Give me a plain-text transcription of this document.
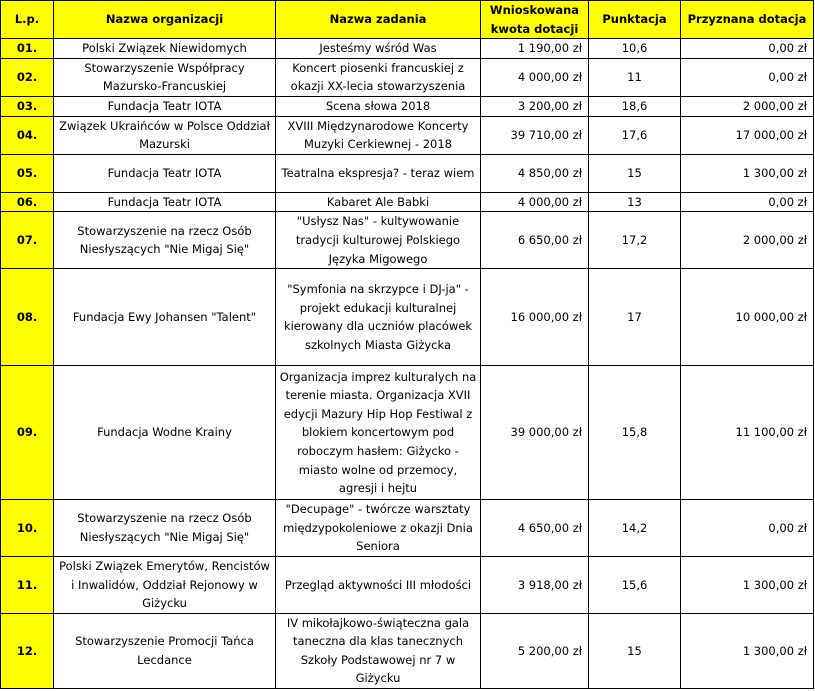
L.p.	Nazwa organizacji	Nazwa zadania	Wnioskowana kwota dotacji	Punktacja	Przyznana dotacja
01.	Polski Związek Niewidomych	Jesteśmy wśród Was	1 190,00 zł	10,6	0,00 zł
02.	Stowarzyszenie Współpracy Mazursko-Francuskiej	Koncert piosenki francuskiej z okazji XX-lecia stowarzyszenia	4 000,00 zł	11	0,00 zł
03.	Fundacja Teatr IOTA	Scena słowa 2018	3 200,00 zł	18,6	2 000,00 zł
04.	Związek Ukraińców w Polsce Oddział Mazurski	XVIII Międzynarodowe Koncerty Muzyki Cerkiewnej - 2018	39 710,00 zł	17,6	17 000,00 zł
05.	Fundacja Teatr IOTA	Teatralna ekspresja? - teraz wiem	4 850,00 zł	15	1 300,00 zł
06.	Fundacja Teatr IOTA	Kabaret Ale Babki	4 000,00 zł	13	0,00 zł
07.	Stowarzyszenie na rzecz Osób Niesłyszących "Nie Migaj Się"	"Usłysz Nas" - kultywowanie tradycji kulturowej Polskiego Języka Migowego	6 650,00 zł	17,2	2 000,00 zł
08.	Fundacja Ewy Johansen "Talent"	"Symfonia na skrzypce i DJ-ja" - projekt edukacji kulturalnej kierowany dla uczniów placówek szkolnych Miasta Giżycka	16 000,00 zł	17	10 000,00 zł
09.	Fundacja Wodne Krainy	Organizacja imprez kulturalych na terenie miasta. Organizacja XVII edycji Mazury Hip Hop Festiwal z blokiem koncertowym pod roboczym hasłem: Giżycko - miasto wolne od przemocy, agresji i hejtu	39 000,00 zł	15,8	11 100,00 zł
10.	Stowarzyszenie na rzecz Osób Niesłyszących "Nie Migaj Się"	"Decupage" - twórcze warsztaty międzypokoleniowe z okazji Dnia Seniora	4 650,00 zł	14,2	0,00 zł
11.	Polski Związek Emerytów, Rencistów i Inwalidów, Oddział Rejonowy w Giżycku	Przegląd aktywności III młodości	3 918,00 zł	15,6	1 300,00 zł
12.	Stowarzyszenie Promocji Tańca Lecdance	IV mikołajkowo-świąteczna gala taneczna dla klas tanecznych Szkoły Podstawowej nr 7 w Giżycku	5 200,00 zł	15	1 300,00 zł
